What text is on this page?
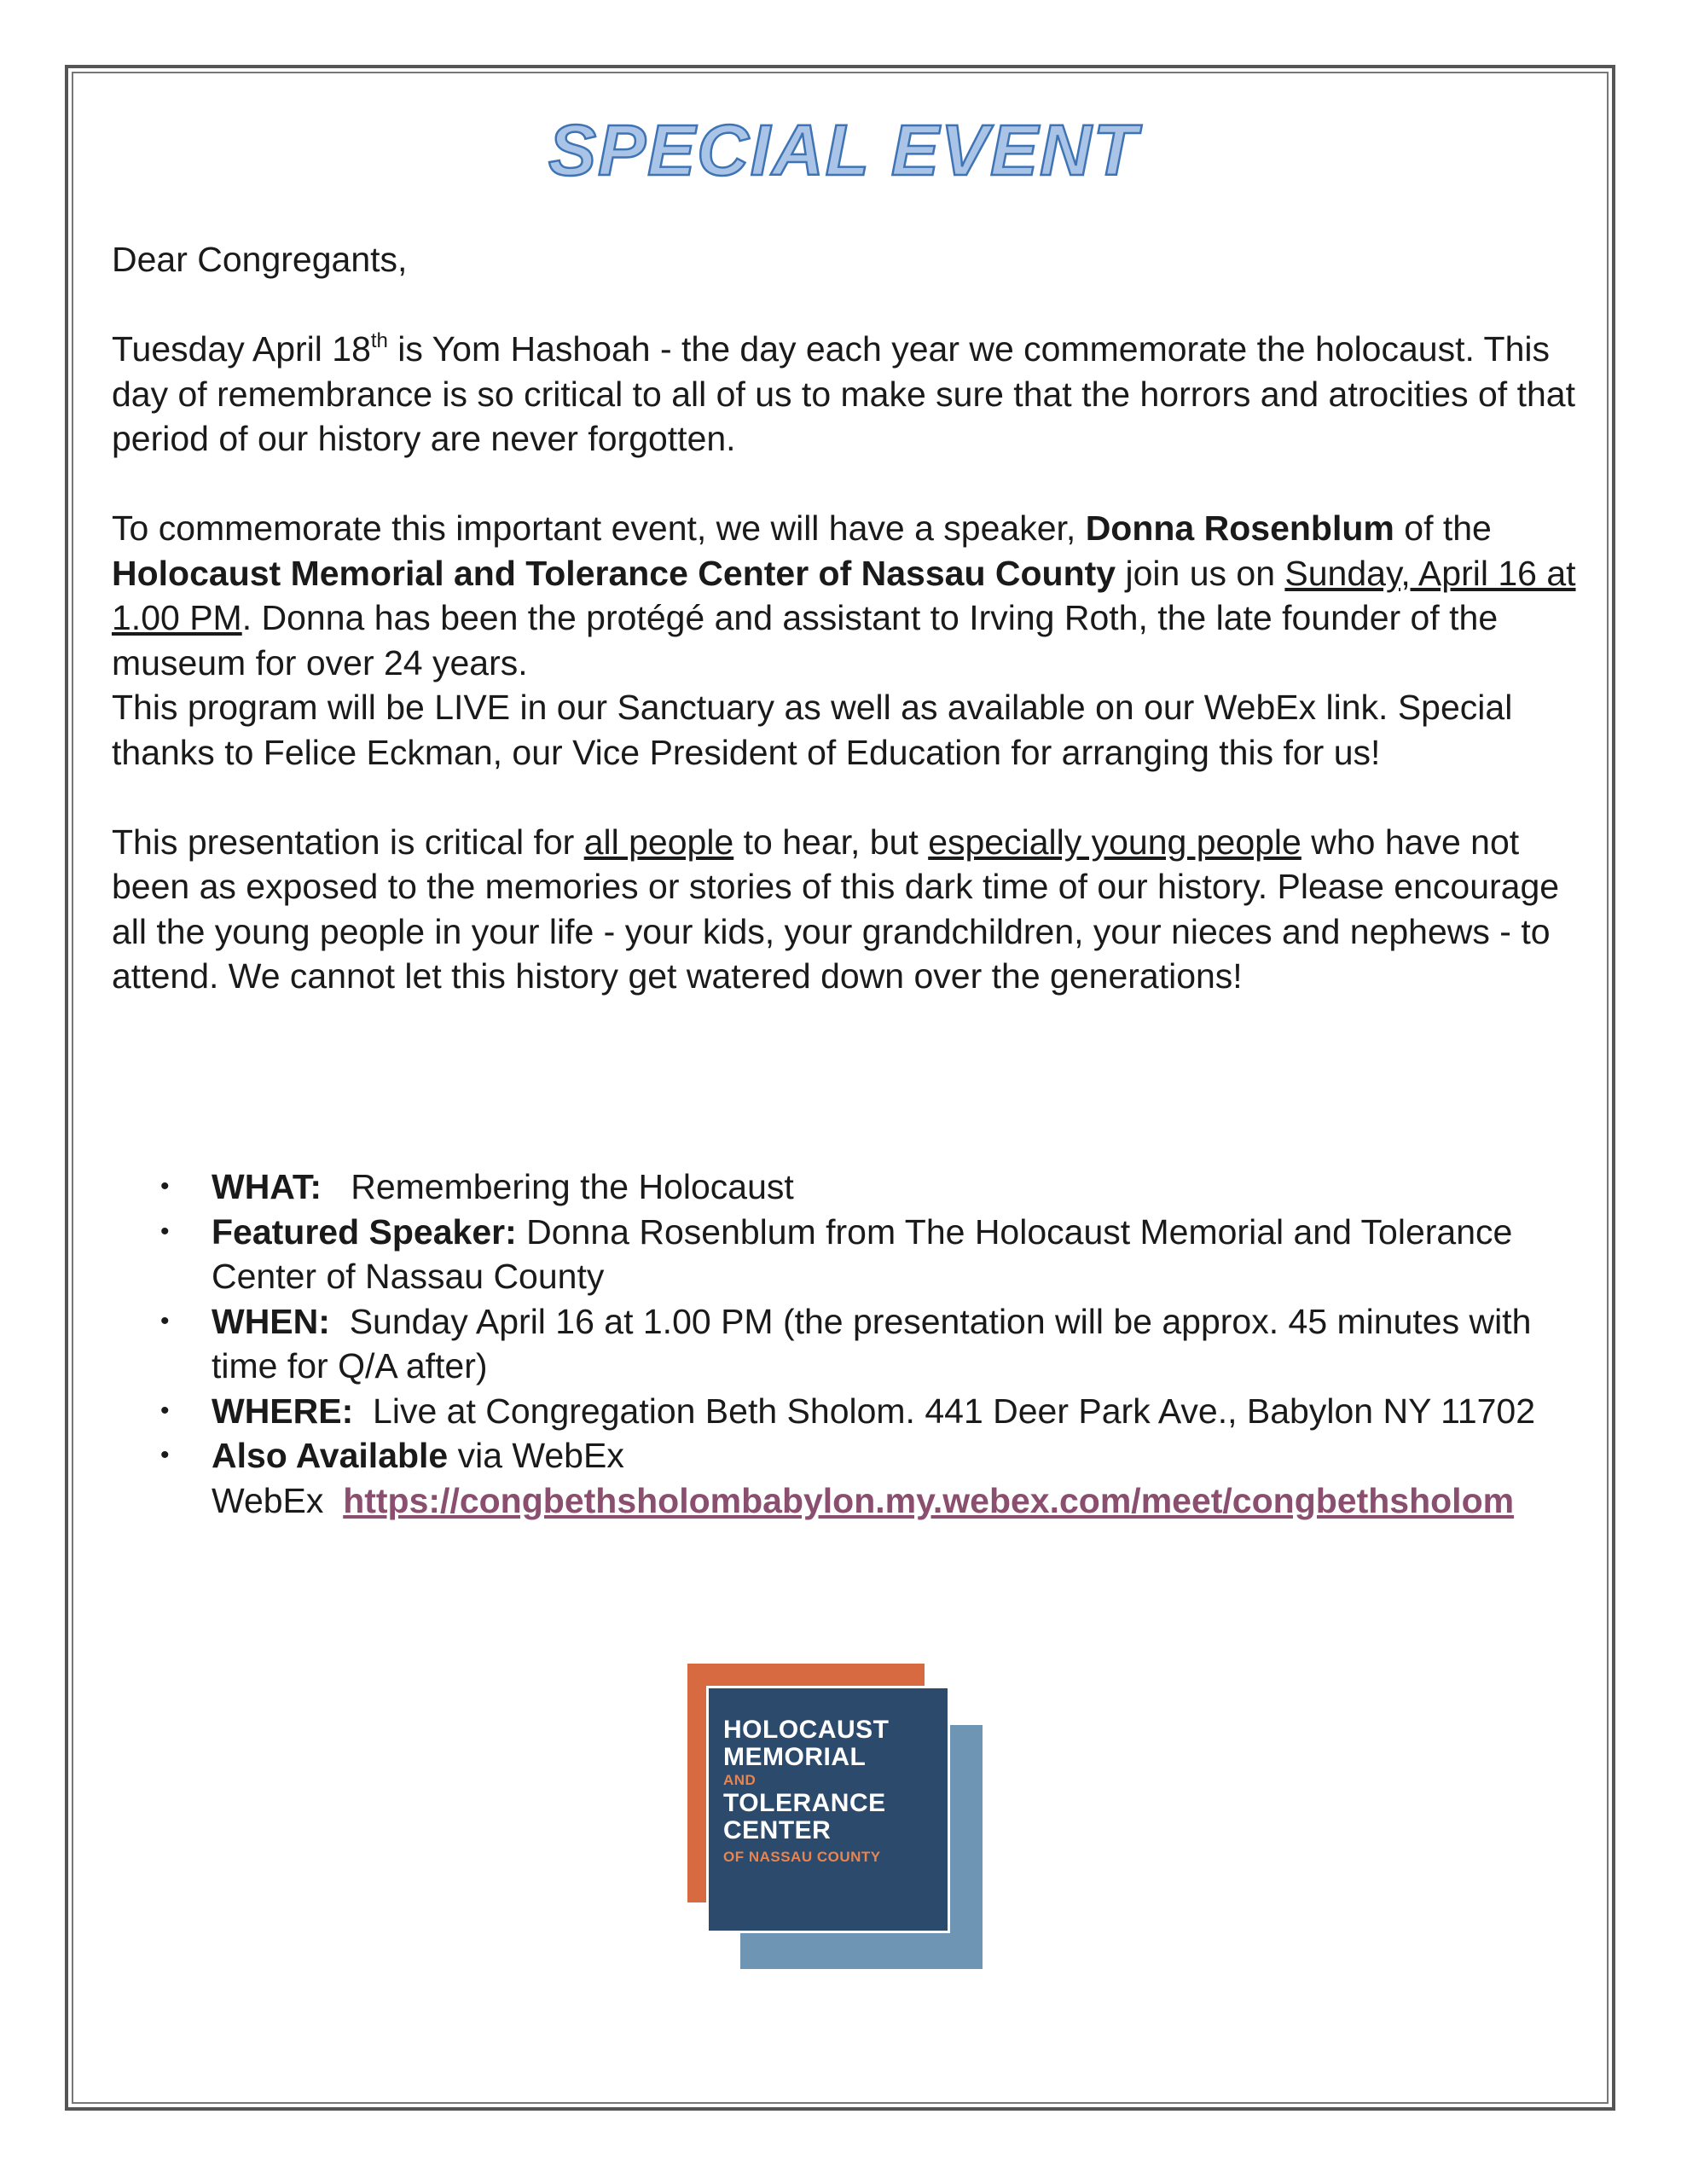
SPECIAL EVENT

Dear Congregants,

Tuesday April 18th is Yom Hashoah - the day each year we commemorate the holocaust. This day of remembrance is so critical to all of us to make sure that the horrors and atrocities of that period of our history are never forgotten.

To commemorate this important event, we will have a speaker, Donna Rosenblum of the Holocaust Memorial and Tolerance Center of Nassau County join us on Sunday, April 16 at 1.00 PM. Donna has been the protégé and assistant to Irving Roth, the late founder of the museum for over 24 years.

This program will be LIVE in our Sanctuary as well as available on our WebEx link. Special thanks to Felice Eckman, our Vice President of Education for arranging this for us!

This presentation is critical for all people to hear, but especially young people who have not been as exposed to the memories or stories of this dark time of our history. Please encourage all the young people in your life - your kids, your grandchildren, your nieces and nephews - to attend. We cannot let this history get watered down over the generations!

• WHAT:   Remembering the Holocaust
• Featured Speaker: Donna Rosenblum from The Holocaust Memorial and Tolerance Center of Nassau County
• WHEN:  Sunday April 16 at 1.00 PM (the presentation will be approx. 45 minutes with time for Q/A after)
• WHERE:  Live at Congregation Beth Sholom. 441 Deer Park Ave., Babylon NY 11702
• Also Available via WebEx
WebEx  https://congbethsholombabylon.my.webex.com/meet/congbethsholom
HOLOCAUST
MEMORIAL
AND
TOLERANCE
CENTER
OF NASSAU COUNTY
